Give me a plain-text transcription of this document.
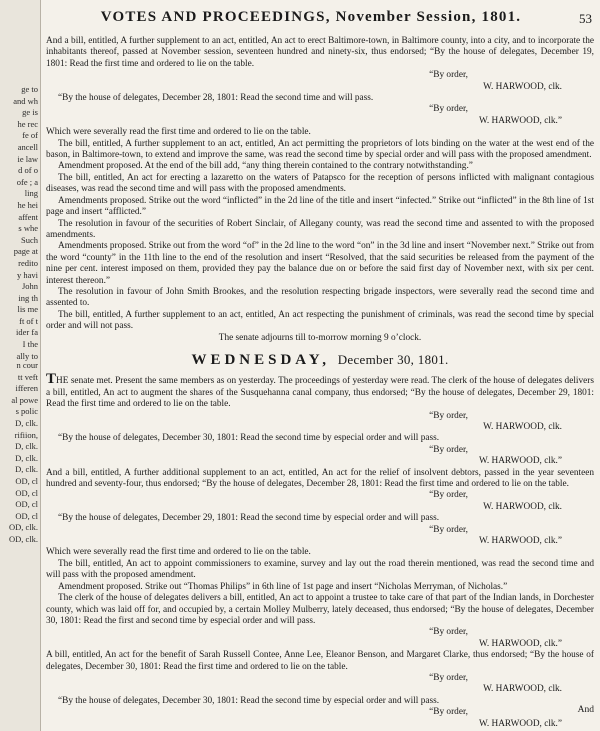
ge to
and wh
ge is
he rec
fe of
ancell
ie law
d of o
ofe ; a
ling
he hei
affent
s whe
Such
page at
redito
y havi
John
ing th
lis me
ft of t
ider fa
I the
ally to
n cour
tt veft
ifferen
al powe
s polic
D, clk.
rifiion,
D, clk.
D, clk.
D, clk.
OD, cl
OD, cl
OD, cl
OD, cl
OD, clk.
OD, clk.
VOTES AND PROCEEDINGS, November Session, 1801.	53

And a bill, entitled, A further supplement to an act, entitled, An act to erect Baltimore-town, in Baltimore county, into a city, and to incorporate the inhabitants thereof, passed at November session, seventeen hundred and ninety-six, thus endorsed; “By the house of delegates, December 19, 1801: Read the first time and ordered to lie on the table.

“By order,

W. HARWOOD, clk.

“By the house of delegates, December 28, 1801: Read the second time and will pass.

“By order,

W. HARWOOD, clk.”

Which were severally read the first time and ordered to lie on the table.

The bill, entitled, A further supplement to an act, entitled, An act permitting the proprietors of lots binding on the water at the west end of the bason, in Baltimore-town, to extend and improve the same, was read the second time by special order and will pass with the proposed amendment.

Amendment proposed. At the end of the bill add, “any thing therein contained to the contrary notwithstanding.”

The bill, entitled, An act for erecting a lazaretto on the waters of Patapsco for the reception of persons inflicted with malignant contagious diseases, was read the second time and will pass with the proposed amendments.

Amendments proposed. Strike out the word “inflicted” in the 2d line of the title and insert “infected.” Strike out “inflicted” in the 8th line of 1st page and insert “afflicted.”

The resolution in favour of the securities of Robert Sinclair, of Allegany county, was read the second time and assented to with the proposed amendments.

Amendments proposed. Strike out from the word “of” in the 2d line to the word “on” in the 3d line and insert “November next.” Strike out from the word “county” in the 11th line to the end of the resolution and insert “Resolved, that the said securities be released from the payment of the nine per cent. interest imposed on them, provided they pay the balance due on or before the said first day of November next, with six per cent. interest thereon.”

The resolution in favour of John Smith Brookes, and the resolution respecting brigade inspectors, were severally read the second time and assented to.

The bill, entitled, A further supplement to an act, entitled, An act respecting the punishment of criminals, was read the second time by special order and will not pass.

The senate adjourns till to-morrow morning 9 o’clock.

WEDNESDAY, December 30, 1801.

THE senate met. Present the same members as on yesterday. The proceedings of yesterday were read. The clerk of the house of delegates delivers a bill, entitled, An act to augment the shares of the Susquehanna canal company, thus endorsed; “By the house of delegates, December 29, 1801: Read the first time and ordered to lie on the table.

“By order,

W. HARWOOD, clk.

“By the house of delegates, December 30, 1801: Read the second time by especial order and will pass.

“By order,

W. HARWOOD, clk.”

And a bill, entitled, A further additional supplement to an act, entitled, An act for the relief of insolvent debtors, passed in the year seventeen hundred and seventy-four, thus endorsed; “By the house of delegates, December 28, 1801: Read the first time and ordered to lie on the table.

“By order,

W. HARWOOD, clk.

“By the house of delegates, December 29, 1801: Read the second time by especial order and will pass.

“By order,

W. HARWOOD, clk.”

Which were severally read the first time and ordered to lie on the table.

The bill, entitled, An act to appoint commissioners to examine, survey and lay out the road therein mentioned, was read the second time and will pass with the proposed amendment.

Amendment proposed. Strike out “Thomas Philips” in 6th line of 1st page and insert “Nicholas Merryman, of Nicholas.”

The clerk of the house of delegates delivers a bill, entitled, An act to appoint a trustee to take care of that part of the Indian lands, in Dorchester county, which was laid off for, and occupied by, a certain Molley Mulberry, lately deceased, thus endorsed; “By the house of delegates, December 30, 1801: Read the first and second time by especial order and will pass.

“By order,

W. HARWOOD, clk.”

A bill, entitled, An act for the benefit of Sarah Russell Contee, Anne Lee, Eleanor Benson, and Margaret Clarke, thus endorsed; “By the house of delegates, December 30, 1801: Read the first time and ordered to lie on the table.

“By order,

W. HARWOOD, clk.

“By the house of delegates, December 30, 1801: Read the second time by especial order and will pass.

“By order,

W. HARWOOD, clk.”

And
